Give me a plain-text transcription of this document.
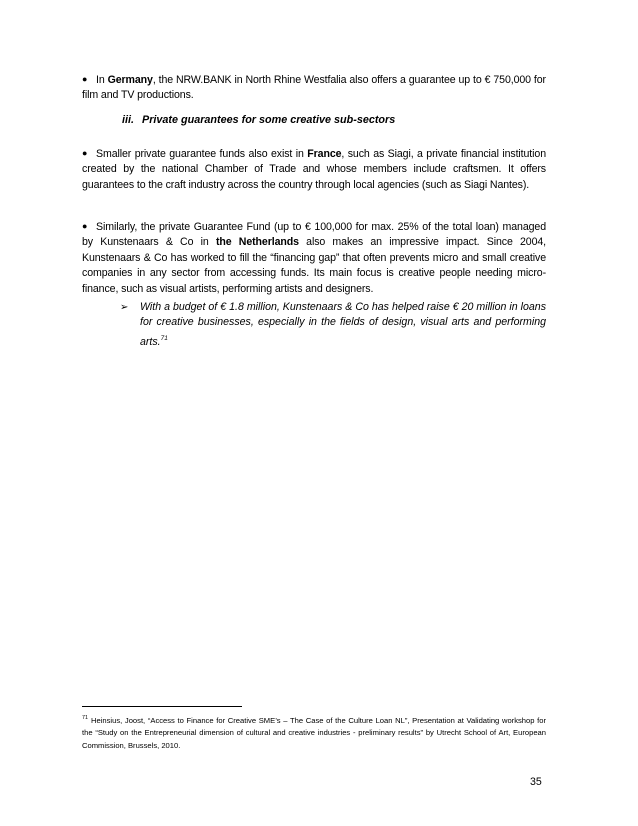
● In Germany, the NRW.BANK in North Rhine Westfalia also offers a guarantee up to € 750,000 for film and TV productions.
iii. Private guarantees for some creative sub-sectors
● Smaller private guarantee funds also exist in France, such as Siagi, a private financial institution created by the national Chamber of Trade and whose members include craftsmen. It offers guarantees to the craft industry across the country through local agencies (such as Siagi Nantes).
● Similarly, the private Guarantee Fund (up to € 100,000 for max. 25% of the total loan) managed by Kunstenaars & Co in the Netherlands also makes an impressive impact. Since 2004, Kunstenaars & Co has worked to fill the “financing gap” that often prevents micro and small creative companies in any sector from accessing funds. Its main focus is creative people needing micro-finance, such as visual artists, performing artists and designers.
➢ With a budget of € 1.8 million, Kunstenaars & Co has helped raise € 20 million in loans for creative businesses, especially in the fields of design, visual arts and performing arts.$^{71}$
$^{71}$ Heinsius, Joost, “Access to Finance for Creative SME’s – The Case of the Culture Loan NL”, Presentation at Validating workshop for the “Study on the Entrepreneurial dimension of cultural and creative industries - preliminary results” by Utrecht School of Art, European Commission, Brussels, 2010.
35
